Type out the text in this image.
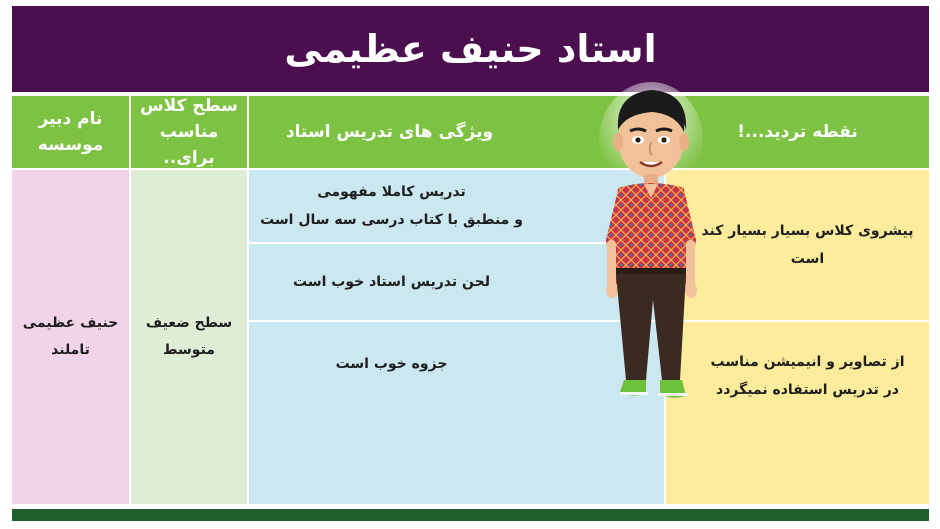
استاد حنیف عظیمی
نقطه تردید...!
ویژگی های تدریس استاد
سطح کلاس
مناسب برای..
نام دبیر
موسسه
حنیف عظیمی
تاملند
سطح ضعیف
متوسط
تدریس کاملا مفهومی
و منطبق با کتاب درسی سه سال است
لحن تدریس استاد خوب است
جزوه خوب است
پیشروی کلاس بسیار بسیار کند است
از تصاویر و انیمیشن مناسب
در تدریس استفاده نمیگردد
